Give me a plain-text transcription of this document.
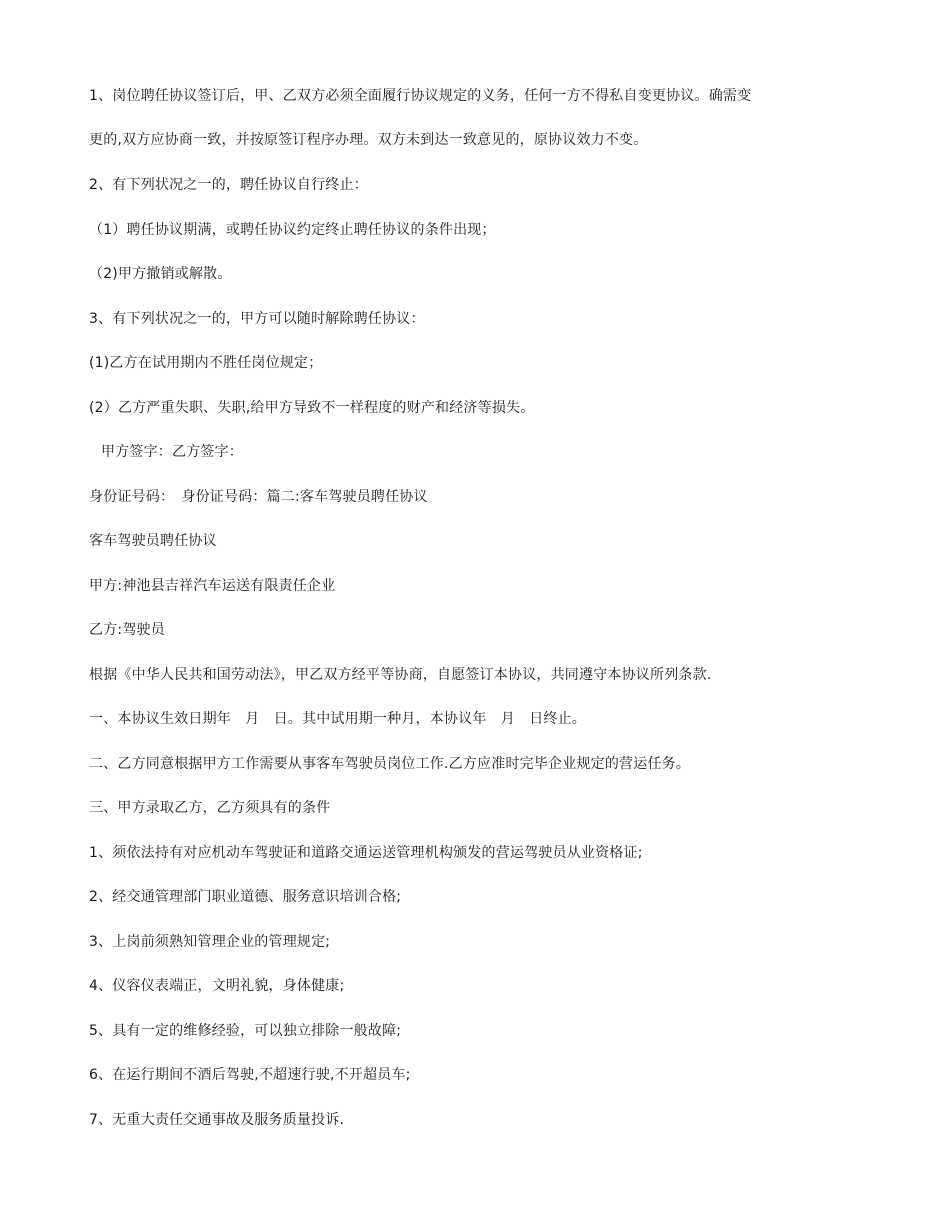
1、岗位聘任协议签订后，甲、乙双方必须全面履行协议规定的义务，任何一方不得私自变更协议。确需变
更的,双方应协商一致，并按原签订程序办理。双方未到达一致意见的，原协议效力不变。
2、有下列状况之一的，聘任协议自行终止：
（1）聘任协议期满，或聘任协议约定终止聘任协议的条件出现；
（2)甲方撤销或解散。
3、有下列状况之一的，甲方可以随时解除聘任协议：
(1)乙方在试用期内不胜任岗位规定；
(2）乙方严重失职、失职,给甲方导致不一样程度的财产和经济等损失。
甲方签字：乙方签字：
身份证号码：　身份证号码：篇二:客车驾驶员聘任协议
客车驾驶员聘任协议
甲方:神池县吉祥汽车运送有限责任企业
乙方:驾驶员
根据《中华人民共和国劳动法》，甲乙双方经平等协商，自愿签订本协议，共同遵守本协议所列条款.
一、本协议生效日期年　月　日。其中试用期一种月，本协议年　月　日终止。
二、乙方同意根据甲方工作需要从事客车驾驶员岗位工作.乙方应准时完毕企业规定的营运任务。
三、甲方录取乙方，乙方须具有的条件
1、须依法持有对应机动车驾驶证和道路交通运送管理机构颁发的营运驾驶员从业资格证;
2、经交通管理部门职业道德、服务意识培训合格;
3、上岗前须熟知管理企业的管理规定;
4、仪容仪表端正，文明礼貌，身体健康;
5、具有一定的维修经验，可以独立排除一般故障;
6、在运行期间不酒后驾驶,不超速行驶,不开超员车;
7、无重大责任交通事故及服务质量投诉.
